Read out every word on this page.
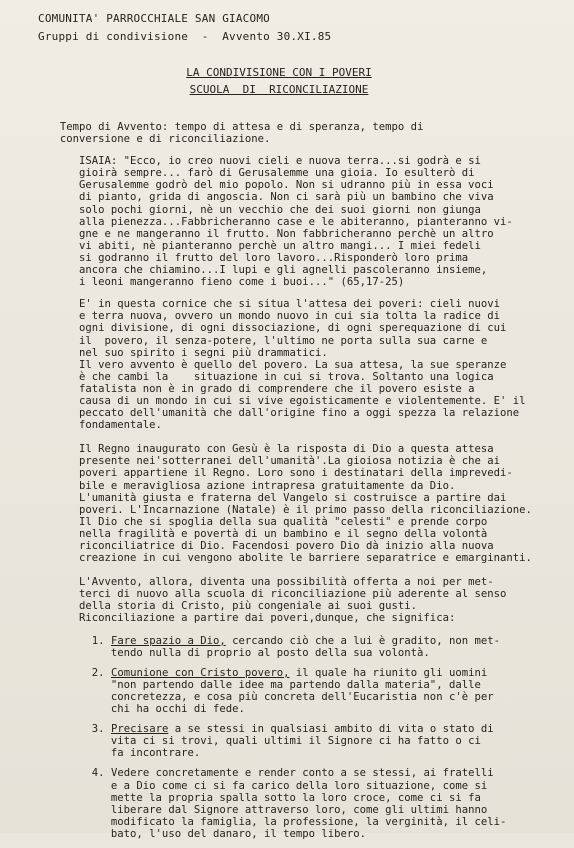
COMUNITA' PARROCCHIALE SAN GIACOMO
Gruppi di condivisione  -  Avvento 30.XI.85
LA CONDIVISIONE CON I POVERI
SCUOLA  DI  RICONCILIAZIONE
Tempo di Avvento: tempo di attesa e di speranza, tempo di
conversione e di riconciliazione.
ISAIA: "Ecco, io creo nuovi cieli e nuova terra...si godrà e si
gioirà sempre... farò di Gerusalemme una gioia. Io esulterò di
Gerusalemme godrò del mio popolo. Non si udranno più in essa voci
di pianto, grida di angoscia. Non ci sarà più un bambino che viva
solo pochi giorni, nè un vecchio che dei suoi giorni non giunga
alla pienezza...Fabbricheranno case e le abiteranno, pianteranno vi-
gne e ne mangeranno il frutto. Non fabbricheranno perchè un altro
vi abiti, nè pianteranno perchè un altro mangi... I miei fedeli
si godranno il frutto del loro lavoro...Risponderò loro prima
ancora che chiamino...I lupi e gli agnelli pascoleranno insieme,
i leoni mangeranno fieno come i buoi..." (65,17-25)
E' in questa cornice che si situa l'attesa dei poveri: cieli nuovi
e terra nuova, ovvero un mondo nuovo in cui sia tolta la radice di
ogni divisione, di ogni dissociazione, di ogni sperequazione di cui
il  povero, il senza-potere, l'ultimo ne porta sulla sua carne e
nel suo spirito i segni più drammatici.
Il vero avvento è quello del povero. La sua attesa, la sue speranze
è che cambi la    situazione in cui si trova. Soltanto una logica
fatalista non è in grado di comprendere che il povero esiste a
causa di un mondo in cui si vive egoisticamente e violentemente. E' il
peccato dell'umanità che dall'origine fino a oggi spezza la relazione
fondamentale.
Il Regno inaugurato con Gesù è la risposta di Dio a questa attesa
presente nei'sotterranei dell'umanità'.La gioiosa notizia è che ai
poveri appartiene il Regno. Loro sono i destinatari della imprevedi-
bile e meravigliosa azione intrapresa gratuitamente da Dio.
L'umanità giusta e fraterna del Vangelo si costruisce a partire dai
poveri. L'Incarnazione (Natale) è il primo passo della riconciliazione.
Il Dio che si spoglia della sua qualità "celesti" e prende corpo
nella fragilità e povertà di un bambino e il segno della volontà
riconciliatrice di Dio. Facendosi povero Dio dà inizio alla nuova
creazione in cui vengono abolite le barriere separatrice e emarginanti.
L'Avvento, allora, diventa una possibilità offerta a noi per met-
terci di nuovo alla scuola di riconciliazione più aderente al senso
della storia di Cristo, più congeniale ai suoi gusti.
Riconciliazione a partire dai poveri,dunque, che significa:
1. Fare spazio a Dio, cercando ciò che a lui è gradito, non met-
tendo nulla di proprio al posto della sua volontà.
2. Comunione con Cristo povero, il quale ha riunito gli uomini
"non partendo dalle idee ma partendo dalla materia", dalle
concretezza, e cosa più concreta dell'Eucaristia non c'è per
chi ha occhi di fede.
3. Precisare a se stessi in qualsiasi ambito di vita o stato di
vita ci si trovi, quali ultimi il Signore ci ha fatto o ci
fa incontrare.
4. Vedere concretamente e render conto a se stessi, ai fratelli
e a Dio come ci si fa carico della loro situazione, come si
mette la propria spalla sotto la loro croce, come ci si fa
liberare dal Signore attraverso loro, come gli ultimi hanno
modificato la famiglia, la professione, la verginità, il celi-
bato, l'uso del danaro, il tempo libero.
